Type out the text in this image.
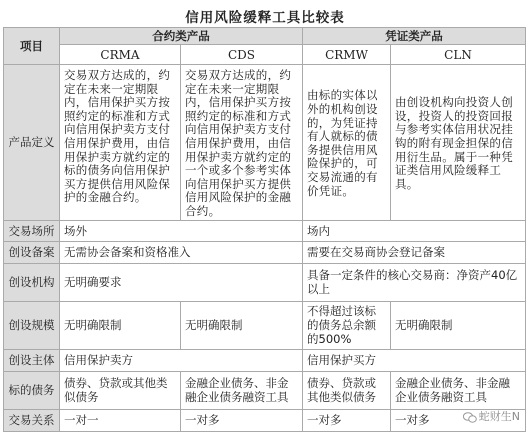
信用风险缓释工具比较表
项目	合约类产品		凭证类产品	
	CRMA	CDS	CRMW	CLN
产品定义	交易双方达成的，约定在未来一定期限内，信用保护买方按照约定的标准和方式向信用保护卖方支付信用保护费用，由信用保护卖方就约定的标的债务向信用保护买方提供信用风险保护的金融合约。	交易双方达成的，约定在未来一定期限内，信用保护买方按照约定的标准和方式向信用保护卖方支付信用保护费用，由信用保护卖方就约定的一个或多个参考实体向信用保护买方提供信用风险保护的金融合约。	由标的实体以外的机构创设的，为凭证持有人就标的债务提供信用风险保护的，可交易流通的有价凭证。	由创设机构向投资人创设，投资人的投资回报与参考实体信用状况挂钩的附有现金担保的信用衍生品。属于一种凭证类信用风险缓释工具。
交易场所	场外		场内	
创设备案	无需协会备案和资格准入		需要在交易商协会登记备案	
创设机构	无明确要求		具备一定条件的核心交易商：净资产40亿以上	
创设规模	无明确限制	无明确限制	不得超过该标的债务总余额的500%	无明确限制
创设主体	信用保护卖方		信用保护买方	
标的债务	债券、贷款或其他类似债务	金融企业债务、非金融企业债务融资工具	债券、贷款或其他类似债务	金融企业债务、非金融企业债务融资工具
交易关系	一对一	一对多	一对多	一对多	蛇财生N
